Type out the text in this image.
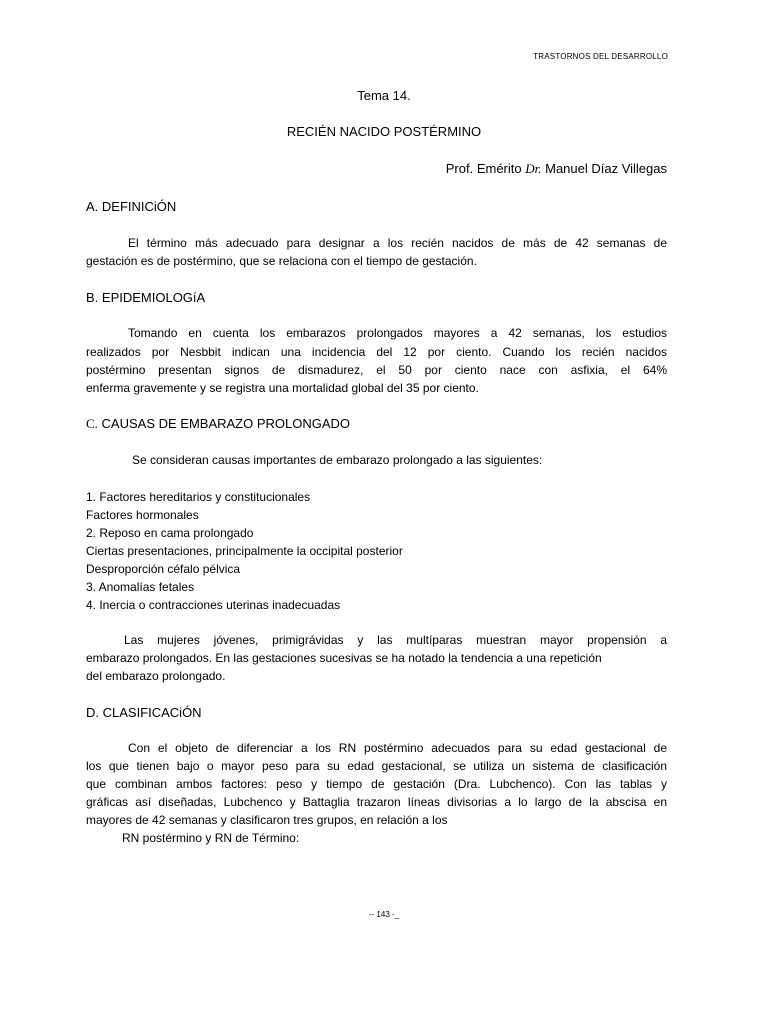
TRASTORNOS DEL DESARROLLO
Tema 14.
RECIÉN NACIDO POSTÉRMINO
Prof. Emérito Dr. Manuel Díaz Villegas
A. DEFINICiÓN
El término más adecuado para designar a los recién nacidos de más de 42 semanas de
gestación es de postérmino, que se relaciona con el tiempo de gestación.
B. EPIDEMIOLOGíA
Tomando en cuenta los embarazos prolongados mayores a 42 semanas, los estudios
realizados por Nesbbit indican una incidencia del 12 por ciento. Cuando los recién nacidos
postérmino presentan signos de dismadurez, el 50 por ciento nace con asfixia, el 64%
enferma gravemente y se registra una mortalidad global del 35 por ciento.
C. CAUSAS DE EMBARAZO PROLONGADO
Se consideran causas importantes de embarazo prolongado a las siguientes:
1. Factores hereditarios y constitucionales
Factores hormonales
2. Reposo en cama prolongado
Ciertas presentaciones, principalmente la occipital posterior
Desproporción céfalo pélvica
3. Anomalías fetales
4. Inercia o contracciones uterinas inadecuadas
Las mujeres jóvenes, primigrávidas y las multíparas muestran mayor propensión a
embarazo prolongados. En las gestaciones sucesivas se ha notado la tendencia a una repetición
del embarazo prolongado.
D. CLASIFICACiÓN
Con el objeto de diferenciar a los RN postérmino adecuados para su edad gestacional de
los que tienen bajo o mayor peso para su edad gestacional, se utiliza un sistema de clasificación
que combinan ambos factores: peso y tiempo de gestación (Dra. Lubchenco). Con las tablas y
gráficas así diseñadas, Lubchenco y Battaglia trazaron líneas divisorias a lo largo de la abscisa en
mayores de 42 semanas y clasificaron tres grupos, en relación a los
RN postérmino y RN de Término:
-- 143 -_
